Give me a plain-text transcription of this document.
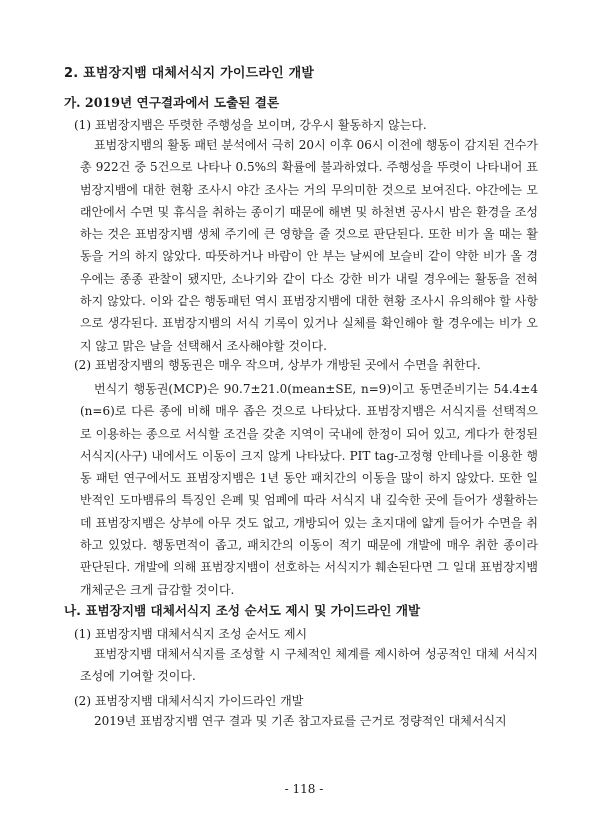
2. 표범장지뱀 대체서식지 가이드라인 개발
가. 2019년 연구결과에서 도출된 결론
(1) 표범장지뱀은 뚜렷한 주행성을 보이며, 강우시 활동하지 않는다.
표범장지뱀의 활동 패턴 분석에서 극히 20시 이후 06시 이전에 행동이 감지된 건수가 총 922건 중 5건으로 나타나 0.5%의 확률에 불과하였다. 주행성을 뚜렷이 나타내어 표범장지뱀에 대한 현황 조사시 야간 조사는 거의 무의미한 것으로 보여진다. 야간에는 모래안에서 수면 및 휴식을 취하는 종이기 때문에 해변 및 하천변 공사시 밤은 환경을 조성하는 것은 표범장지뱀 생체 주기에 큰 영향을 줄 것으로 판단된다. 또한 비가 올 때는 활동을 거의 하지 않았다. 따뜻하거나 바람이 안 부는 날씨에 보슬비 같이 약한 비가 올 경우에는 종종 관찰이 됐지만, 소나기와 같이 다소 강한 비가 내릴 경우에는 활동을 전혀 하지 않았다. 이와 같은 행동패턴 역시 표범장지뱀에 대한 현황 조사시 유의해야 할 사항으로 생각된다. 표범장지뱀의 서식 기록이 있거나 실체를 확인해야 할 경우에는 비가 오지 않고 맑은 날을 선택해서 조사해야할 것이다.
(2) 표범장지뱀의 행동권은 매우 작으며, 상부가 개방된 곳에서 수면을 취한다.
번식기 행동권(MCP)은 90.7±21.0(mean±SE, n=9)이고 동면준비기는 54.4±4(n=6)로 다른 종에 비해 매우 좁은 것으로 나타났다. 표범장지뱀은 서식지를 선택적으로 이용하는 종으로 서식할 조건을 갖춘 지역이 국내에 한정이 되어 있고, 게다가 한정된 서식지(사구) 내에서도 이동이 크지 않게 나타났다. PIT tag-고정형 안테나를 이용한 행동 패턴 연구에서도 표범장지뱀은 1년 동안 패치간의 이동을 많이 하지 않았다. 또한 일반적인 도마뱀류의 특징인 은폐 및 엄폐에 따라 서식지 내 깊숙한 곳에 들어가 생활하는데 표범장지뱀은 상부에 아무 것도 없고, 개방되어 있는 초지대에 얇게 들어가 수면을 취하고 있었다. 행동면적이 좁고, 패치간의 이동이 적기 때문에 개발에 매우 취한 종이라 판단된다. 개발에 의해 표범장지뱀이 선호하는 서식지가 훼손된다면 그 일대 표범장지뱀 개체군은 크게 급감할 것이다.
나. 표범장지뱀 대체서식지 조성 순서도 제시 및 가이드라인 개발
(1) 표범장지뱀 대체서식지 조성 순서도 제시
표범장지뱀 대체서식지를 조성할 시 구체적인 체계를 제시하여 성공적인 대체 서식지 조성에 기여할 것이다.
(2) 표범장지뱀 대체서식지 가이드라인 개발
2019년 표범장지뱀 연구 결과 및 기존 참고자료를 근거로 정량적인 대체서식지
- 118 -
